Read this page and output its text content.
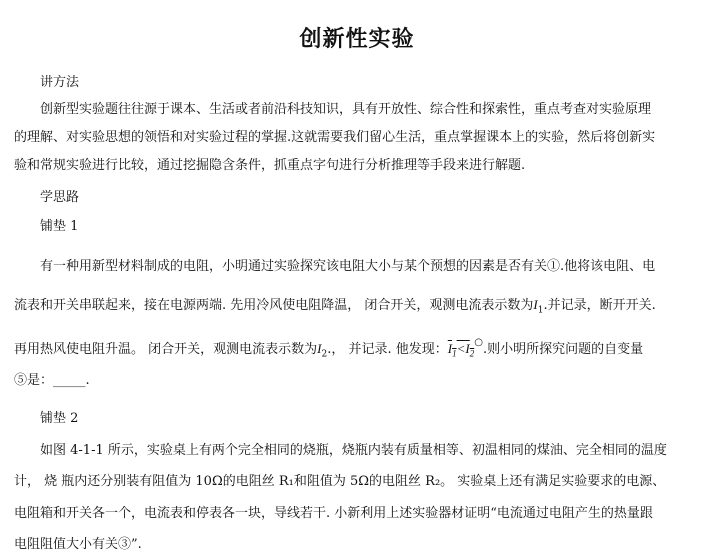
创新性实验
讲方法
创新型实验题往往源于课本、生活或者前沿科技知识，具有开放性、综合性和探索性，重点考查对实验原理
的理解、对实验思想的领悟和对实验过程的掌握.这就需要我们留心生活，重点掌握课本上的实验，然后将创新实
验和常规实验进行比较，通过挖掘隐含条件，抓重点字句进行分析推理等手段来进行解题.
学思路
铺垫 1
有一种用新型材料制成的电阻，小明通过实验探究该电阻大小与某个预想的因素是否有关①.他将该电阻、电
流表和开关串联起来，接在电源两端. 先用冷风使电阻降温， 闭合开关，观测电流表示数为$I_1$.并记录，断开开关.
再用热风使电阻升温。 闭合开关，观测电流表示数为$I_2$.， 并记录. 他发现：$I_1<I_2^○$.则小明所探究问题的自变量
⑤是：_____.
铺垫 2
如图 4-1-1 所示，实验桌上有两个完全相同的烧瓶，烧瓶内装有质量相等、初温相同的煤油、完全相同的温度
计， 烧 瓶内还分别装有阻值为 10Ω的电阻丝 R₁和阻值为 5Ω的电阻丝 R₂。 实验桌上还有满足实验要求的电源、
电阻箱和开关各一个，电流表和停表各一块，导线若干. 小新利用上述实验器材证明“电流通过电阻产生的热量跟
电阻阻值大小有关③”.
